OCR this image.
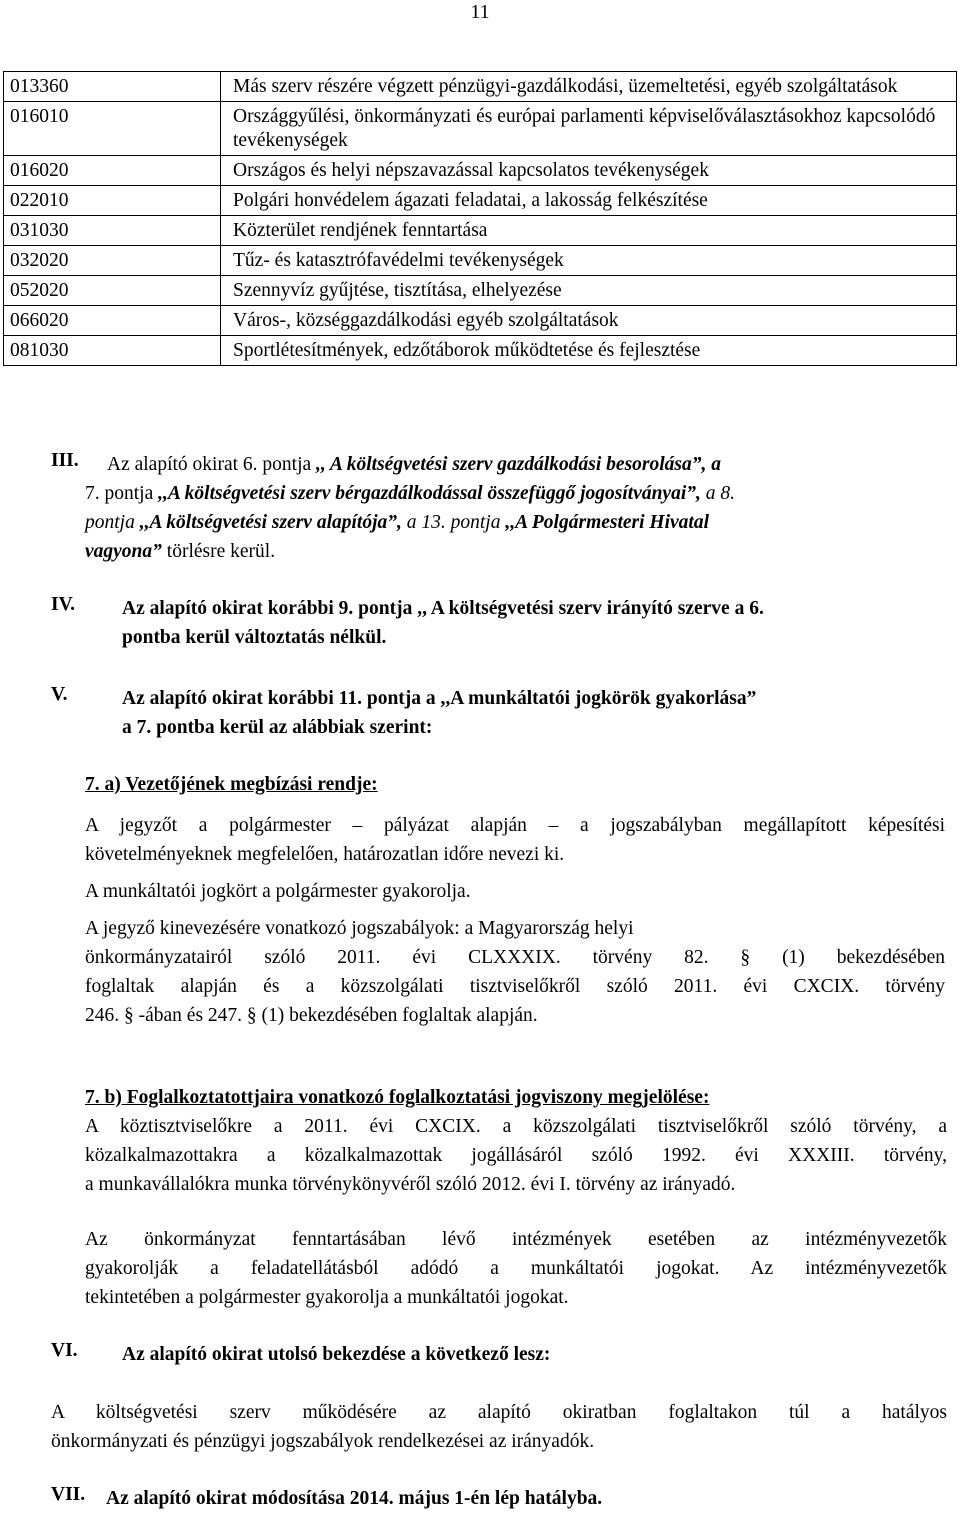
11
013360	Más szerv részére végzett pénzügyi-gazdálkodási, üzemeltetési, egyéb szolgáltatások
016010	Országgyűlési, önkormányzati és európai parlamenti képviselőválasztásokhoz kapcsolódó tevékenységek
016020	Országos és helyi népszavazással kapcsolatos tevékenységek
022010	Polgári honvédelem ágazati feladatai, a lakosság felkészítése
031030	Közterület rendjének fenntartása
032020	Tűz- és katasztrófavédelmi tevékenységek
052020	Szennyvíz gyűjtése, tisztítása, elhelyezése
066020	Város-, községgazdálkodási egyéb szolgáltatások
081030	Sportlétesítmények, edzőtáborok működtetése és fejlesztése
III.	Az alapító okirat 6. pontja ,, A költségvetési szerv gazdálkodási besorolása”, a
7. pontja ,,A költségvetési szerv bérgazdálkodással összefüggő jogosítványai”, a 8.
pontja ,,A költségvetési szerv alapítója”, a 13. pontja ,,A Polgármesteri Hivatal
vagyona” törlésre kerül.
IV. Az alapító okirat korábbi 9. pontja ,, A költségvetési szerv irányító szerve a 6.
pontba kerül változtatás nélkül.
V.	Az alapító okirat korábbi 11. pontja a ,,A munkáltatói jogkörök gyakorlása”
a 7. pontba kerül az alábbiak szerint:
7. a) Vezetőjének megbízási rendje:
A jegyzőt a polgármester – pályázat alapján – a jogszabályban megállapított képesítési
követelményeknek megfelelően, határozatlan időre nevezi ki.
A munkáltatói jogkört a polgármester gyakorolja.
A jegyző kinevezésére vonatkozó jogszabályok: a Magyarország helyi
önkormányzatairól szóló 2011. évi CLXXXIX. törvény 82. § (1) bekezdésében
foglaltak alapján és a közszolgálati tisztviselőkről szóló 2011. évi CXCIX. törvény
246. § -ában és 247. § (1) bekezdésében foglaltak alapján.
7. b) Foglalkoztatottjaira vonatkozó foglalkoztatási jogviszony megjelölése:
A köztisztviselőkre a 2011. évi CXCIX. a közszolgálati tisztviselőkről szóló törvény, a
közalkalmazottakra a közalkalmazottak jogállásáról szóló 1992. évi XXXIII. törvény,
a munkavállalókra munka törvénykönyvéről szóló 2012. évi I. törvény az irányadó.
Az önkormányzat fenntartásában lévő intézmények esetében az intézményvezetők
gyakorolják a feladatellátásból adódó a munkáltatói jogokat. Az intézményvezetők
tekintetében a polgármester gyakorolja a munkáltatói jogokat.
VI. Az alapító okirat utolsó bekezdése a következő lesz:
A költségvetési szerv működésére az alapító okiratban foglaltakon túl a hatályos
önkormányzati és pénzügyi jogszabályok rendelkezései az irányadók.
VII. Az alapító okirat módosítása 2014. május 1-én lép hatályba.
